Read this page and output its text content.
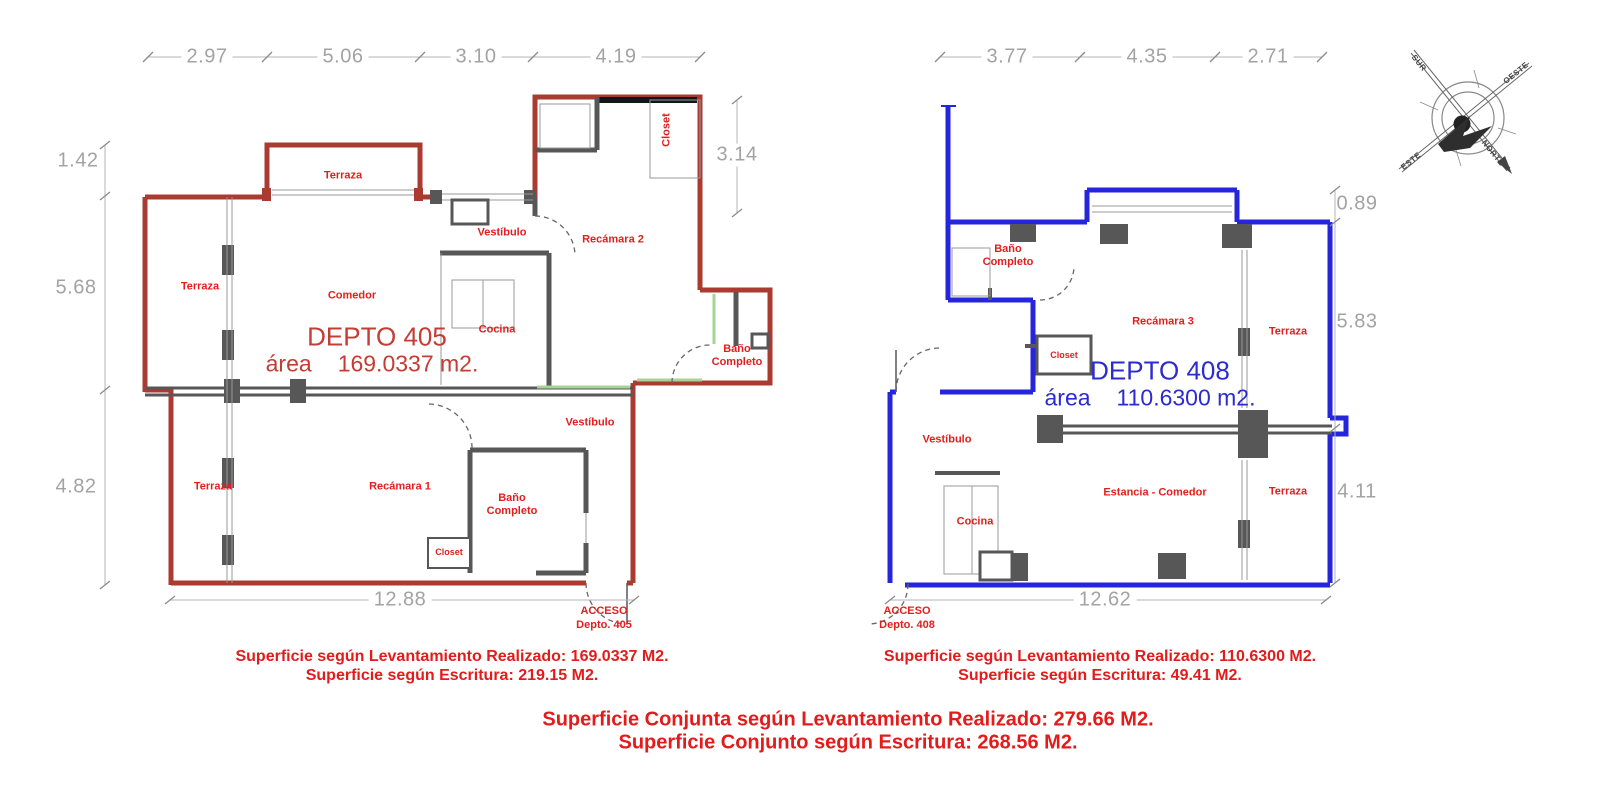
Terraza
Closet
Vestíbulo
Recámara 2
Terraza
Comedor
Cocina
Baño
Completo
DEPTO 405
área 169.0337 m2.
Vestíbulo
Terraza	Recámara 1
Baño
Completo
Closet
ACCESO
Depto. 405
2.97	5.06	3.10	4.19
1.42
5.68
4.82
3.14
12.88
Superficie según Levantamiento Realizado: 169.0337 M2.
Superficie según Escritura: 219.15 M2.
Baño
Completo
Recámara 3
Terraza
Closet
DEPTO 408
área 110.6300 m2.
Vestíbulo
Cocina
Estancia - Comedor	Terraza
ACCESO
Depto. 408
3.77	4.35	2.71
0.89
5.83
4.11
12.62
Superficie según Levantamiento Realizado: 110.6300 M2.
Superficie según Escritura: 49.41 M2.
SUR
NORTE
OESTE
ESTE
Superficie Conjunta según Levantamiento Realizado: 279.66 M2.
Superficie Conjunto según Escritura: 268.56 M2.
